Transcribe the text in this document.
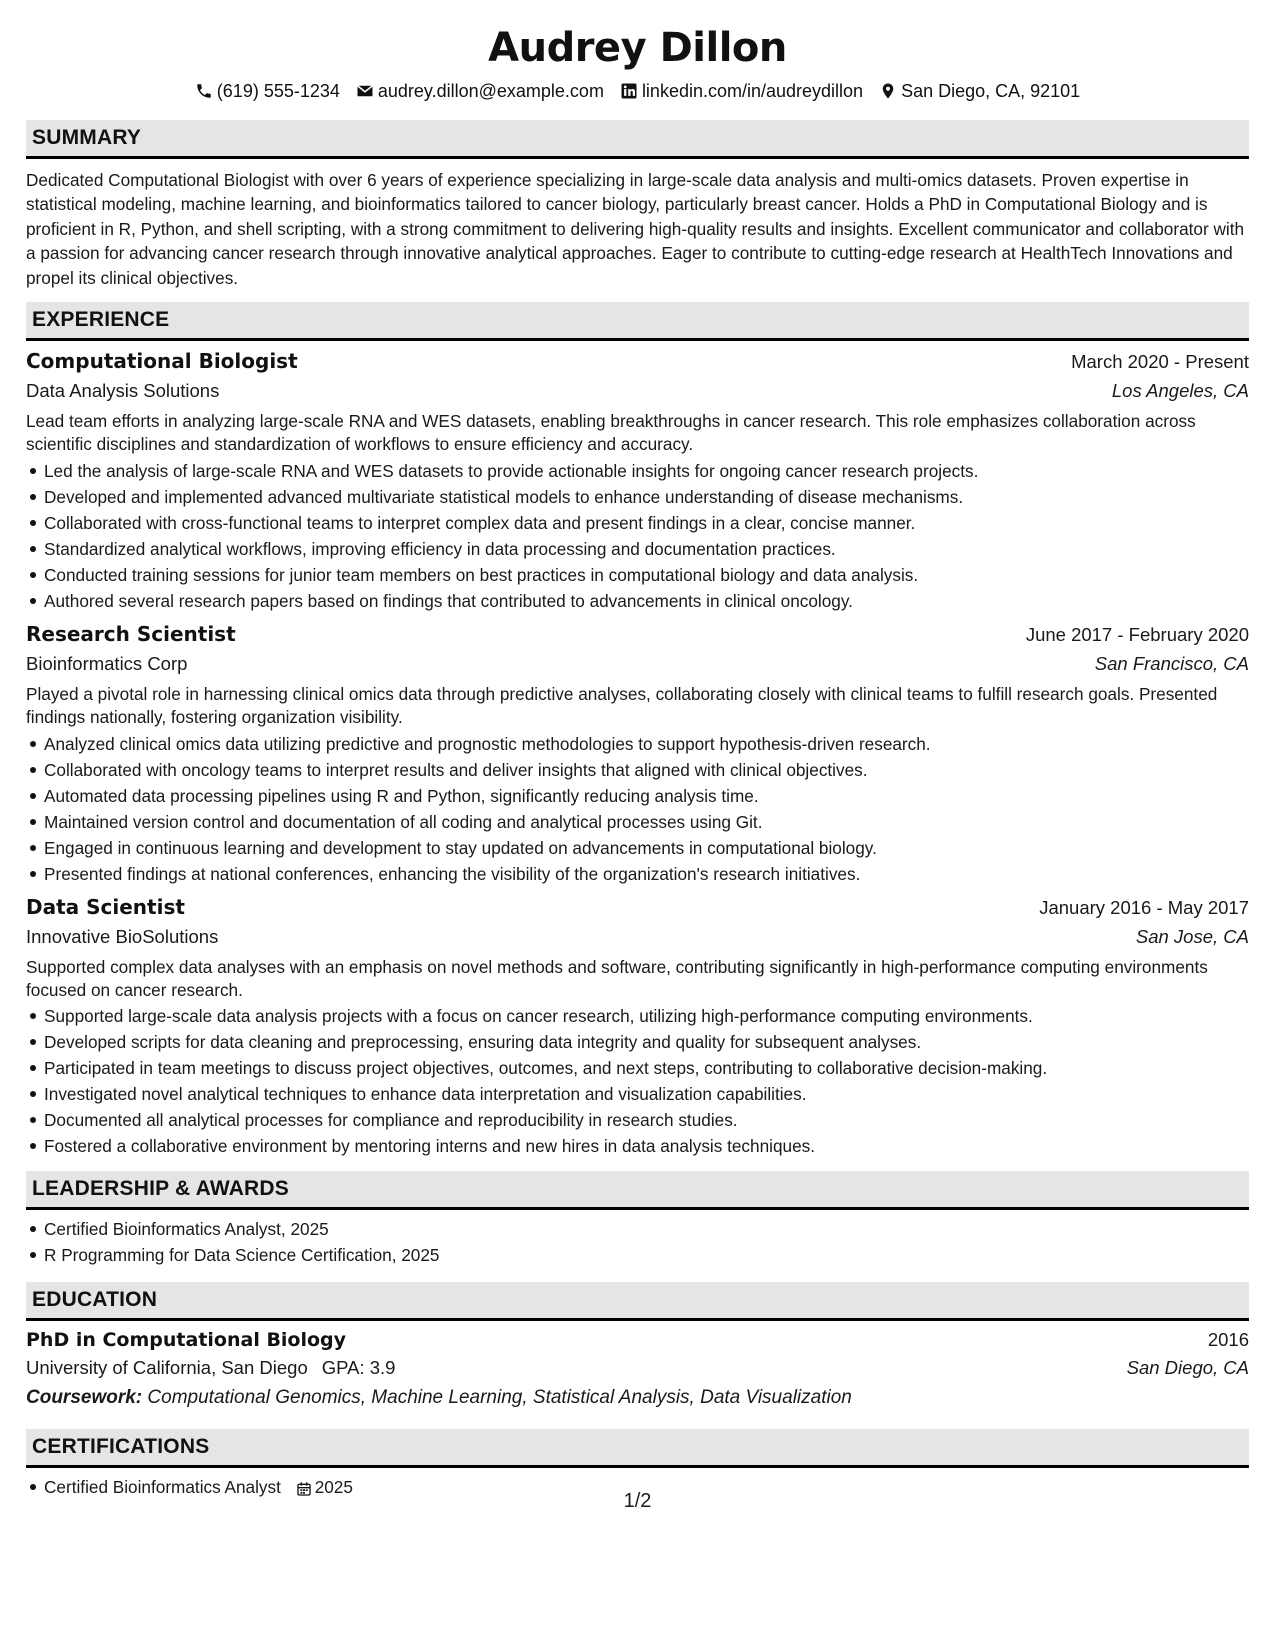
Audrey Dillon
(619) 555-1234 audrey.dillon@example.com linkedin.com/in/audreydillon San Diego, CA, 92101
SUMMARY

Dedicated Computational Biologist with over 6 years of experience specializing in large-scale data analysis and multi-omics datasets. Proven expertise in statistical modeling, machine learning, and bioinformatics tailored to cancer biology, particularly breast cancer. Holds a PhD in Computational Biology and is proficient in R, Python, and shell scripting, with a strong commitment to delivering high-quality results and insights. Excellent communicator and collaborator with a passion for advancing cancer research through innovative analytical approaches. Eager to contribute to cutting-edge research at HealthTech Innovations and propel its clinical objectives.

EXPERIENCE
Computational Biologist	March 2020 - Present
Data Analysis Solutions	Los Angeles, CA

Lead team efforts in analyzing large-scale RNA and WES datasets, enabling breakthroughs in cancer research. This role emphasizes collaboration across scientific disciplines and standardization of workflows to ensure efficiency and accuracy.

Led the analysis of large-scale RNA and WES datasets to provide actionable insights for ongoing cancer research projects.
Developed and implemented advanced multivariate statistical models to enhance understanding of disease mechanisms.
Collaborated with cross-functional teams to interpret complex data and present findings in a clear, concise manner.
Standardized analytical workflows, improving efficiency in data processing and documentation practices.
Conducted training sessions for junior team members on best practices in computational biology and data analysis.
Authored several research papers based on findings that contributed to advancements in clinical oncology.
Research Scientist	June 2017 - February 2020
Bioinformatics Corp	San Francisco, CA

Played a pivotal role in harnessing clinical omics data through predictive analyses, collaborating closely with clinical teams to fulfill research goals. Presented findings nationally, fostering organization visibility.

Analyzed clinical omics data utilizing predictive and prognostic methodologies to support hypothesis-driven research.
Collaborated with oncology teams to interpret results and deliver insights that aligned with clinical objectives.
Automated data processing pipelines using R and Python, significantly reducing analysis time.
Maintained version control and documentation of all coding and analytical processes using Git.
Engaged in continuous learning and development to stay updated on advancements in computational biology.
Presented findings at national conferences, enhancing the visibility of the organization's research initiatives.
Data Scientist	January 2016 - May 2017
Innovative BioSolutions	San Jose, CA

Supported complex data analyses with an emphasis on novel methods and software, contributing significantly in high-performance computing environments focused on cancer research.

Supported large-scale data analysis projects with a focus on cancer research, utilizing high-performance computing environments.
Developed scripts for data cleaning and preprocessing, ensuring data integrity and quality for subsequent analyses.
Participated in team meetings to discuss project objectives, outcomes, and next steps, contributing to collaborative decision-making.
Investigated novel analytical techniques to enhance data interpretation and visualization capabilities.
Documented all analytical processes for compliance and reproducibility in research studies.
Fostered a collaborative environment by mentoring interns and new hires in data analysis techniques.
LEADERSHIP & AWARDS
Certified Bioinformatics Analyst, 2025
R Programming for Data Science Certification, 2025
EDUCATION
PhD in Computational Biology	2016
University of California, San Diego GPA: 3.9	San Diego, CA
Coursework: Computational Genomics, Machine Learning, Statistical Analysis, Data Visualization
CERTIFICATIONS
Certified Bioinformatics Analyst 2025
1/2
